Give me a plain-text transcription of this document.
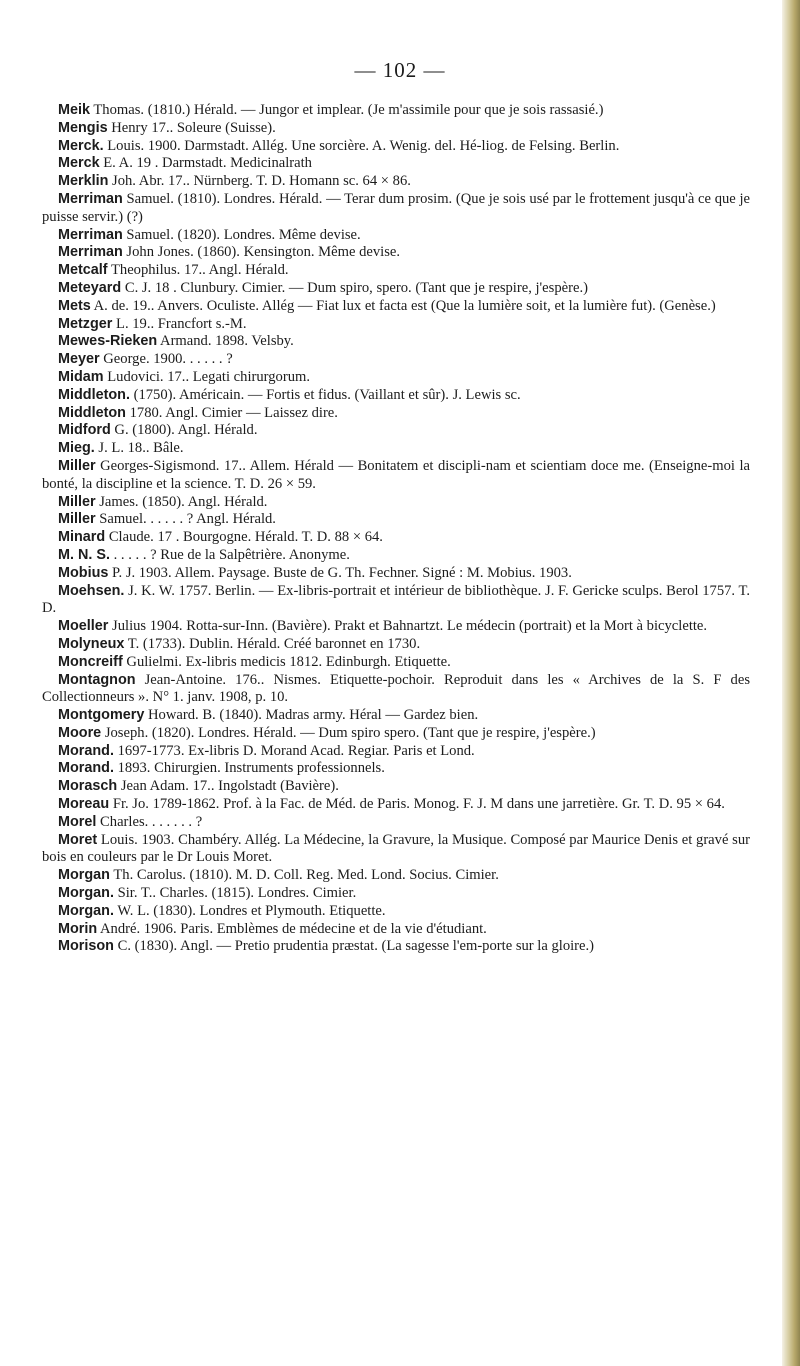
— 102 —

Meik Thomas. (1810.) Hérald. — Jungor et implear. (Je m'assimile pour que je sois rassasié.)

Mengis Henry 17.. Soleure (Suisse).

Merck. Louis. 1900. Darmstadt. Allég. Une sorcière. A. Wenig. del. Hé-liog. de Felsing. Berlin.

Merck E. A. 19 . Darmstadt. Medicinalrath

Merklin Joh. Abr. 17.. Nürnberg. T. D. Homann sc. 64 × 86.

Merriman Samuel. (1810). Londres. Hérald. — Terar dum prosim. (Que je sois usé par le frottement jusqu'à ce que je puisse servir.) (?)

Merriman Samuel. (1820). Londres. Même devise.

Merriman John Jones. (1860). Kensington. Même devise.

Metcalf Theophilus. 17.. Angl. Hérald.

Meteyard C. J. 18 . Clunbury. Cimier. — Dum spiro, spero. (Tant que je respire, j'espère.)

Mets A. de. 19.. Anvers. Oculiste. Allég — Fiat lux et facta est (Que la lumière soit, et la lumière fut). (Genèse.)

Metzger L. 19.. Francfort s.-M.

Mewes-Rieken Armand. 1898. Velsby.

Meyer George. 1900. . . . . . ?

Midam Ludovici. 17.. Legati chirurgorum.

Middleton. (1750). Américain. — Fortis et fidus. (Vaillant et sûr). J. Lewis sc.

Middleton 1780. Angl. Cimier — Laissez dire.

Midford G. (1800). Angl. Hérald.

Mieg. J. L. 18.. Bâle.

Miller Georges-Sigismond. 17.. Allem. Hérald — Bonitatem et discipli-nam et scientiam doce me. (Enseigne-moi la bonté, la discipline et la science. T. D. 26 × 59.

Miller James. (1850). Angl. Hérald.

Miller Samuel. . . . . . ? Angl. Hérald.

Minard Claude. 17 . Bourgogne. Hérald. T. D. 88 × 64.

M. N. S. . . . . . ? Rue de la Salpêtrière. Anonyme.

Mobius P. J. 1903. Allem. Paysage. Buste de G. Th. Fechner. Signé : M. Mobius. 1903.

Moehsen. J. K. W. 1757. Berlin. — Ex-libris-portrait et intérieur de bibliothèque. J. F. Gericke sculps. Berol 1757. T. D.

Moeller Julius 1904. Rotta-sur-Inn. (Bavière). Prakt et Bahnartzt. Le médecin (portrait) et la Mort à bicyclette.

Molyneux T. (1733). Dublin. Hérald. Créé baronnet en 1730.

Moncreiff Gulielmi. Ex-libris medicis 1812. Edinburgh. Etiquette.

Montagnon Jean-Antoine. 176.. Nismes. Etiquette-pochoir. Reproduit dans les « Archives de la S. F des Collectionneurs ». N° 1. janv. 1908, p. 10.

Montgomery Howard. B. (1840). Madras army. Héral — Gardez bien.

Moore Joseph. (1820). Londres. Hérald. — Dum spiro spero. (Tant que je respire, j'espère.)

Morand. 1697-1773. Ex-libris D. Morand Acad. Regiar. Paris et Lond.

Morand. 1893. Chirurgien. Instruments professionnels.

Morasch Jean Adam. 17.. Ingolstadt (Bavière).

Moreau Fr. Jo. 1789-1862. Prof. à la Fac. de Méd. de Paris. Monog. F. J. M dans une jarretière. Gr. T. D. 95 × 64.

Morel Charles. . . . . . . ?

Moret Louis. 1903. Chambéry. Allég. La Médecine, la Gravure, la Musique. Composé par Maurice Denis et gravé sur bois en couleurs par le Dr Louis Moret.

Morgan Th. Carolus. (1810). M. D. Coll. Reg. Med. Lond. Socius. Cimier.

Morgan. Sir. T.. Charles. (1815). Londres. Cimier.

Morgan. W. L. (1830). Londres et Plymouth. Etiquette.

Morin André. 1906. Paris. Emblèmes de médecine et de la vie d'étudiant.

Morison C. (1830). Angl. — Pretio prudentia præstat. (La sagesse l'em-porte sur la gloire.)
